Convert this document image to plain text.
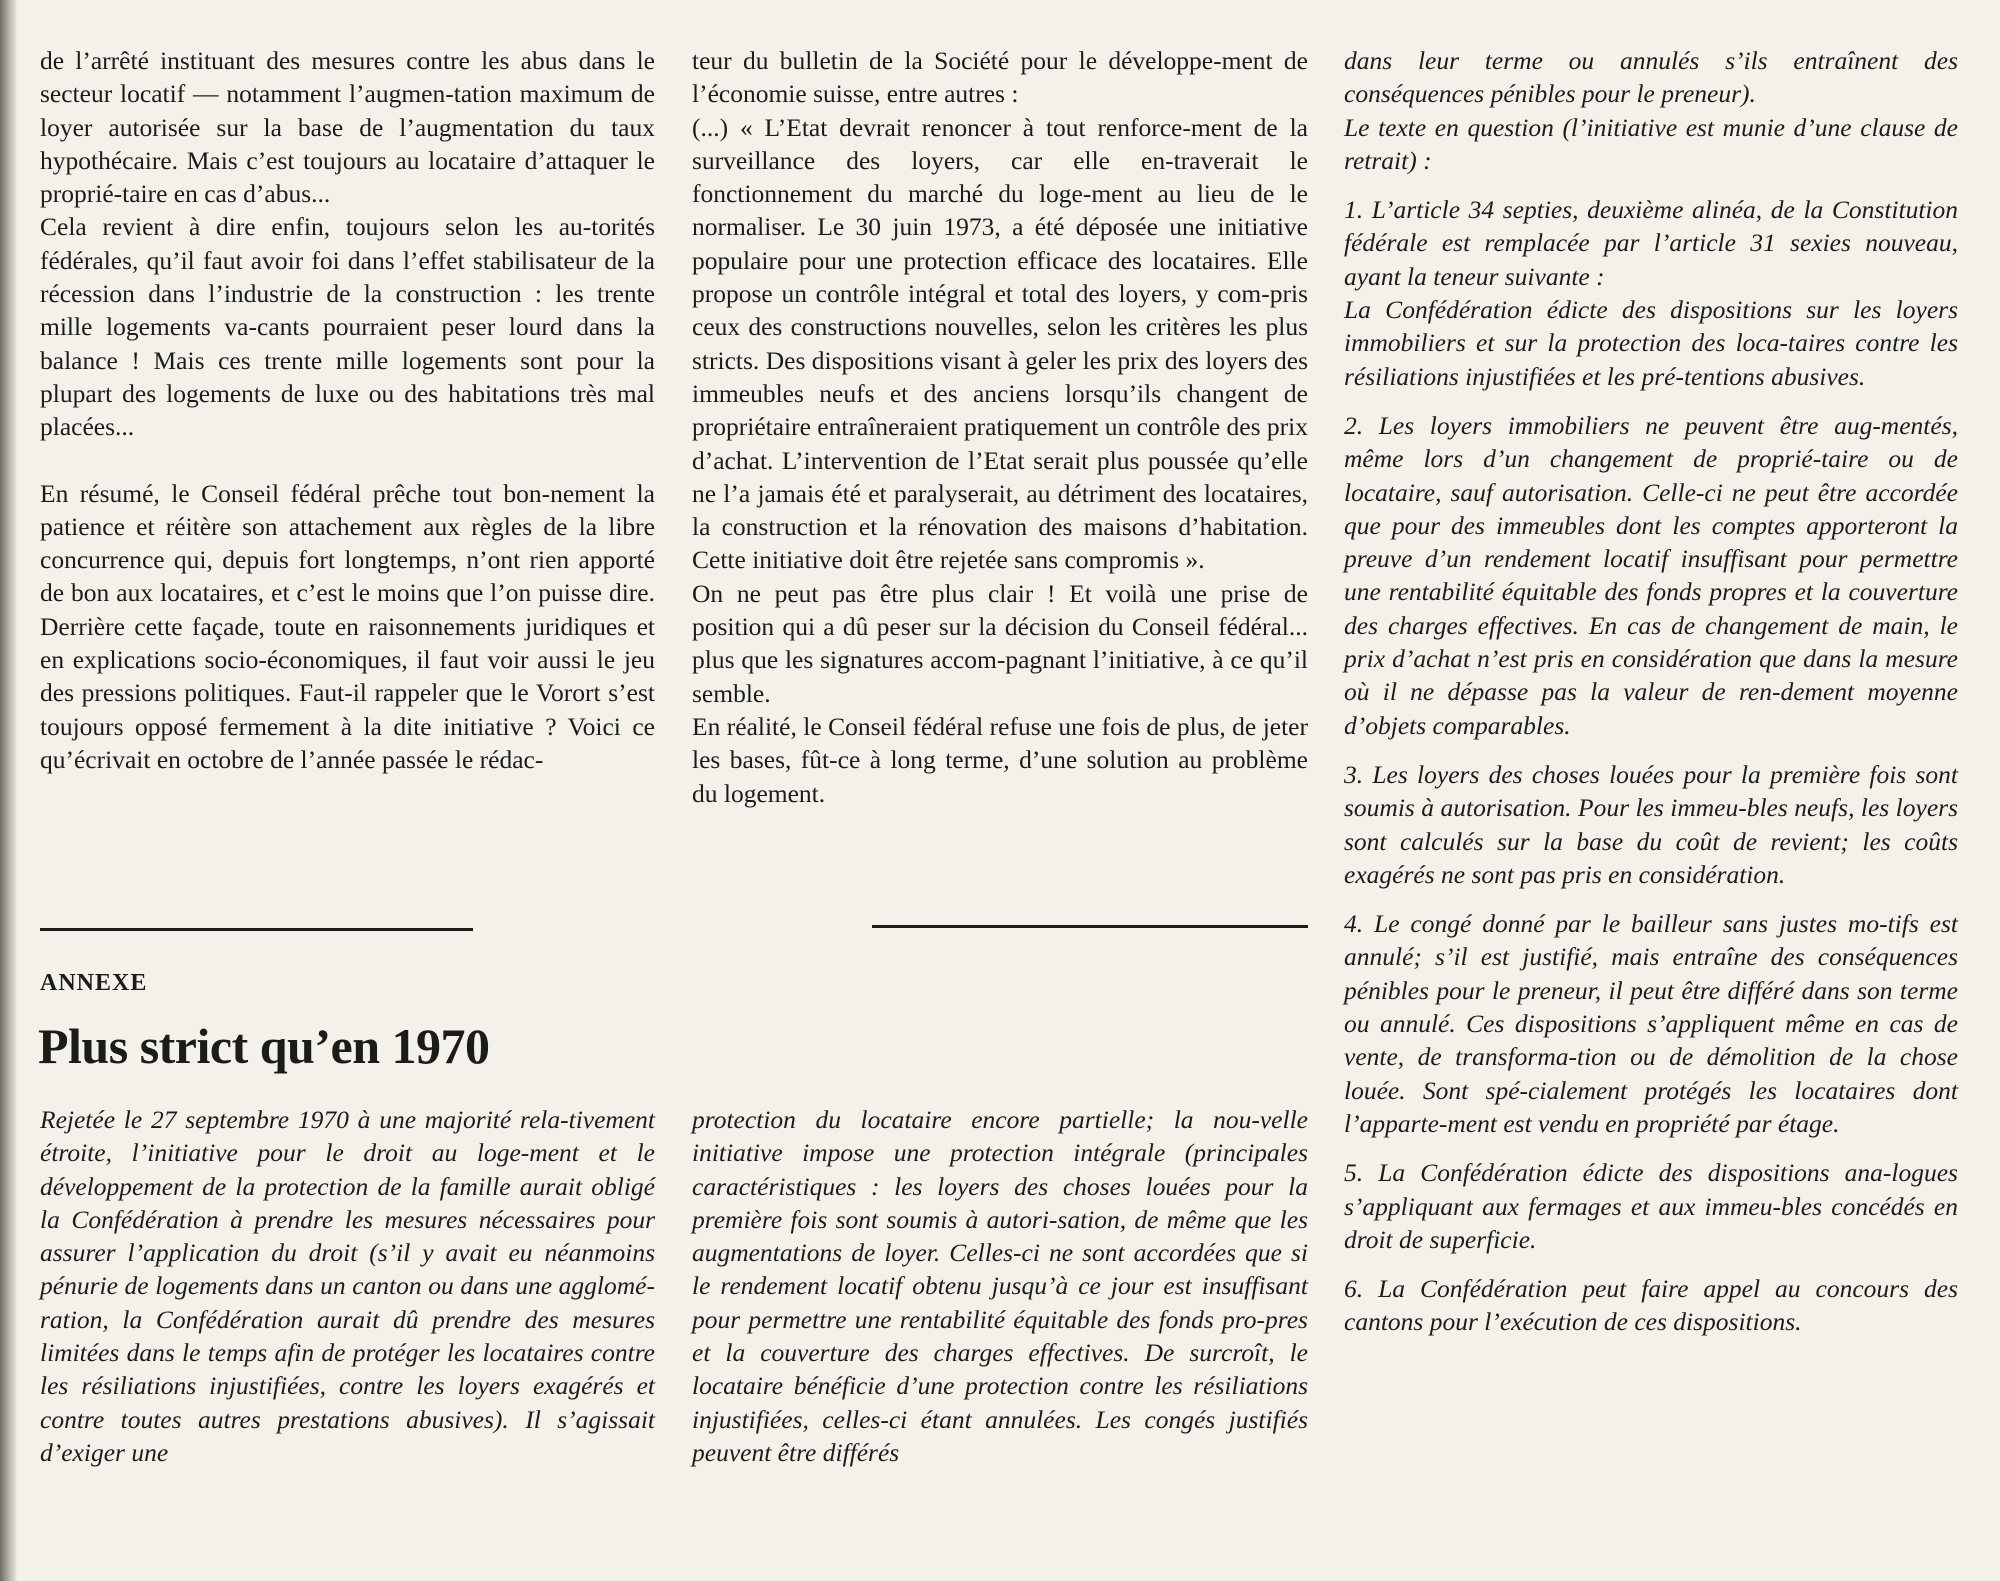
de l’arrêté instituant des mesures contre les abus dans le secteur locatif — notamment l’augmen-tation maximum de loyer autorisée sur la base de l’augmentation du taux hypothécaire. Mais c’est toujours au locataire d’attaquer le proprié-taire en cas d’abus...

Cela revient à dire enfin, toujours selon les au-torités fédérales, qu’il faut avoir foi dans l’effet stabilisateur de la récession dans l’industrie de la construction : les trente mille logements va-cants pourraient peser lourd dans la balance ! Mais ces trente mille logements sont pour la plupart des logements de luxe ou des habitations très mal placées...

En résumé, le Conseil fédéral prêche tout bon-nement la patience et réitère son attachement aux règles de la libre concurrence qui, depuis fort longtemps, n’ont rien apporté de bon aux locataires, et c’est le moins que l’on puisse dire. Derrière cette façade, toute en raisonnements juridiques et en explications socio-économiques, il faut voir aussi le jeu des pressions politiques. Faut-il rappeler que le Vorort s’est toujours opposé fermement à la dite initiative ? Voici ce qu’écrivait en octobre de l’année passée le rédac-

teur du bulletin de la Société pour le développe-ment de l’économie suisse, entre autres :

(...) « L’Etat devrait renoncer à tout renforce-ment de la surveillance des loyers, car elle en-traverait le fonctionnement du marché du loge-ment au lieu de le normaliser. Le 30 juin 1973, a été déposée une initiative populaire pour une protection efficace des locataires. Elle propose un contrôle intégral et total des loyers, y com-pris ceux des constructions nouvelles, selon les critères les plus stricts. Des dispositions visant à geler les prix des loyers des immeubles neufs et des anciens lorsqu’ils changent de propriétaire entraîneraient pratiquement un contrôle des prix d’achat. L’intervention de l’Etat serait plus poussée qu’elle ne l’a jamais été et paralyserait, au détriment des locataires, la construction et la rénovation des maisons d’habitation. Cette initiative doit être rejetée sans compromis ».

On ne peut pas être plus clair ! Et voilà une prise de position qui a dû peser sur la décision du Conseil fédéral... plus que les signatures accom-pagnant l’initiative, à ce qu’il semble.

En réalité, le Conseil fédéral refuse une fois de plus, de jeter les bases, fût-ce à long terme, d’une solution au problème du logement.

ANNEXE
Plus strict qu’en 1970

Rejetée le 27 septembre 1970 à une majorité rela-tivement étroite, l’initiative pour le droit au loge-ment et le développement de la protection de la famille aurait obligé la Confédération à prendre les mesures nécessaires pour assurer l’application du droit (s’il y avait eu néanmoins pénurie de logements dans un canton ou dans une agglomé-ration, la Confédération aurait dû prendre des mesures limitées dans le temps afin de protéger les locataires contre les résiliations injustifiées, contre les loyers exagérés et contre toutes autres prestations abusives). Il s’agissait d’exiger une

protection du locataire encore partielle; la nou-velle initiative impose une protection intégrale (principales caractéristiques : les loyers des choses louées pour la première fois sont soumis à autori-sation, de même que les augmentations de loyer. Celles-ci ne sont accordées que si le rendement locatif obtenu jusqu’à ce jour est insuffisant pour permettre une rentabilité équitable des fonds pro-pres et la couverture des charges effectives. De surcroît, le locataire bénéficie d’une protection contre les résiliations injustifiées, celles-ci étant annulées. Les congés justifiés peuvent être différés

dans leur terme ou annulés s’ils entraînent des conséquences pénibles pour le preneur).

Le texte en question (l’initiative est munie d’une clause de retrait) :

1. L’article 34 septies, deuxième alinéa, de la Constitution fédérale est remplacée par l’article 31 sexies nouveau, ayant la teneur suivante :

La Confédération édicte des dispositions sur les loyers immobiliers et sur la protection des loca-taires contre les résiliations injustifiées et les pré-tentions abusives.

2. Les loyers immobiliers ne peuvent être aug-mentés, même lors d’un changement de proprié-taire ou de locataire, sauf autorisation. Celle-ci ne peut être accordée que pour des immeubles dont les comptes apporteront la preuve d’un rendement locatif insuffisant pour permettre une rentabilité équitable des fonds propres et la couverture des charges effectives. En cas de changement de main, le prix d’achat n’est pris en considération que dans la mesure où il ne dépasse pas la valeur de ren-dement moyenne d’objets comparables.

3. Les loyers des choses louées pour la première fois sont soumis à autorisation. Pour les immeu-bles neufs, les loyers sont calculés sur la base du coût de revient; les coûts exagérés ne sont pas pris en considération.

4. Le congé donné par le bailleur sans justes mo-tifs est annulé; s’il est justifié, mais entraîne des conséquences pénibles pour le preneur, il peut être différé dans son terme ou annulé. Ces dispositions s’appliquent même en cas de vente, de transforma-tion ou de démolition de la chose louée. Sont spé-cialement protégés les locataires dont l’apparte-ment est vendu en propriété par étage.

5. La Confédération édicte des dispositions ana-logues s’appliquant aux fermages et aux immeu-bles concédés en droit de superficie.

6. La Confédération peut faire appel au concours des cantons pour l’exécution de ces dispositions.
